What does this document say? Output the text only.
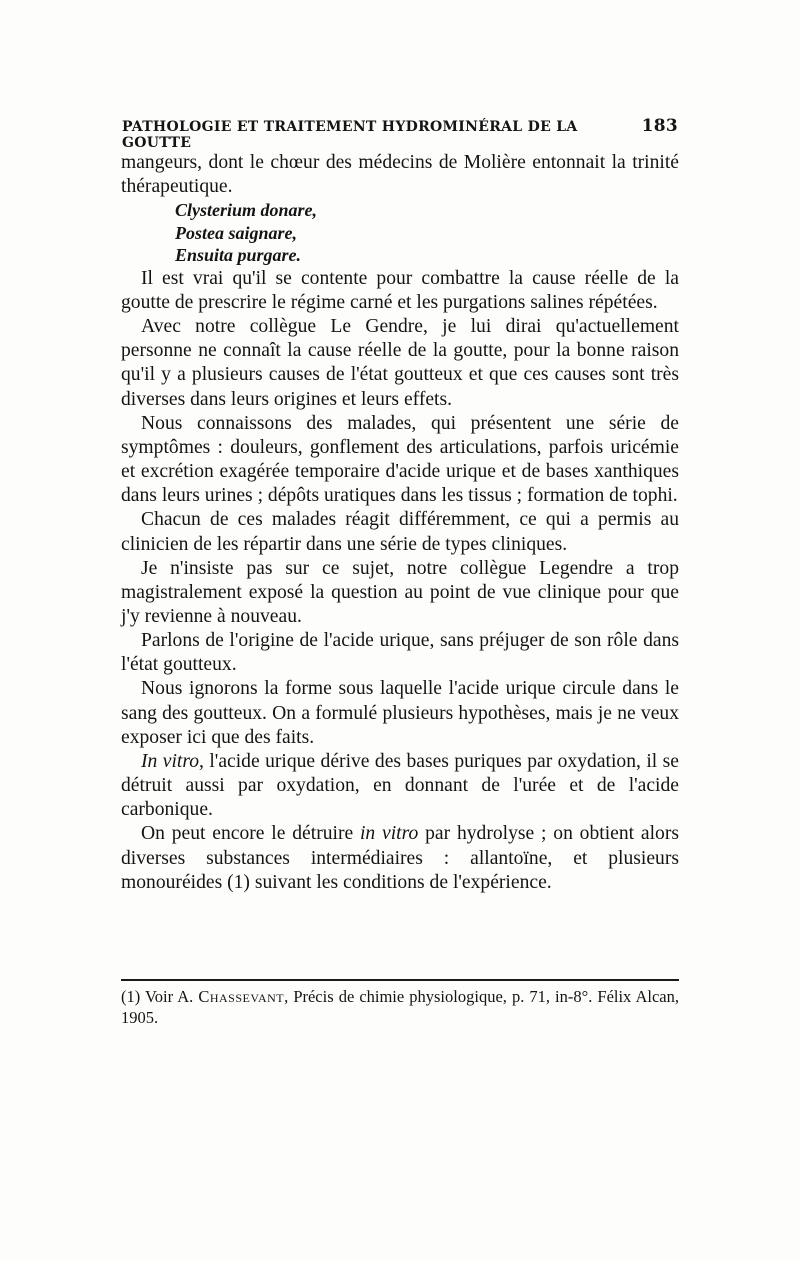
PATHOLOGIE ET TRAITEMENT HYDROMINÉRAL DE LA GOUTTE
183

mangeurs, dont le chœur des médecins de Molière entonnait la trinité thérapeutique.

Clysterium donare,
Postea saignare,
Ensuita purgare.

Il est vrai qu'il se contente pour combattre la cause réelle de la goutte de prescrire le régime carné et les purgations salines répétées.

Avec notre collègue Le Gendre, je lui dirai qu'actuellement personne ne connaît la cause réelle de la goutte, pour la bonne raison qu'il y a plusieurs causes de l'état goutteux et que ces causes sont très diverses dans leurs origines et leurs effets.

Nous connaissons des malades, qui présentent une série de symptômes : douleurs, gonflement des articulations, parfois uricémie et excrétion exagérée temporaire d'acide urique et de bases xanthiques dans leurs urines ; dépôts uratiques dans les tissus ; formation de tophi.

Chacun de ces malades réagit différemment, ce qui a permis au clinicien de les répartir dans une série de types cliniques.

Je n'insiste pas sur ce sujet, notre collègue Legendre a trop magistralement exposé la question au point de vue clinique pour que j'y revienne à nouveau.

Parlons de l'origine de l'acide urique, sans préjuger de son rôle dans l'état goutteux.

Nous ignorons la forme sous laquelle l'acide urique circule dans le sang des goutteux. On a formulé plusieurs hypothèses, mais je ne veux exposer ici que des faits.

In vitro, l'acide urique dérive des bases puriques par oxydation, il se détruit aussi par oxydation, en donnant de l'urée et de l'acide carbonique.

On peut encore le détruire in vitro par hydrolyse ; on obtient alors diverses substances intermédiaires : allantoïne, et plusieurs monouréides (1) suivant les conditions de l'expérience.

(1) Voir A. Chassevant, Précis de chimie physiologique, p. 71, in-8°. Félix Alcan, 1905.
